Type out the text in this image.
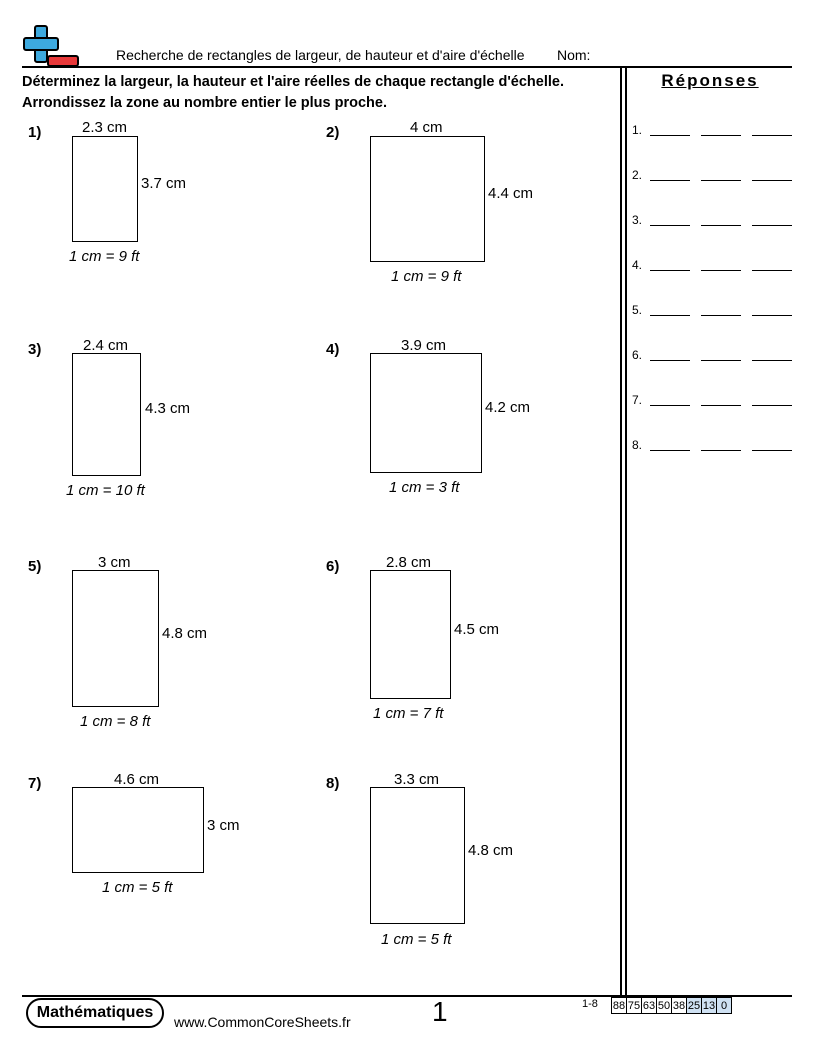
Recherche de rectangles de largeur, de hauteur et d'aire d'échelle Nom:
Déterminez la largeur, la hauteur et l'aire réelles de chaque rectangle d'échelle.
Arrondissez la zone au nombre entier le plus proche.
Réponses
1.
2.
3.
4.
5.
6.
7.
8.
1)	2.3 cm
3.7 cm
1 cm = 9 ft
2)	4 cm
4.4 cm
1 cm = 9 ft
3)	2.4 cm
4.3 cm
1 cm = 10 ft
4)	3.9 cm
4.2 cm
1 cm = 3 ft
5)	3 cm
4.8 cm
1 cm = 8 ft
6)	2.8 cm
4.5 cm
1 cm = 7 ft
7)	4.6 cm
3 cm
1 cm = 5 ft
8)	3.3 cm
4.8 cm
1 cm = 5 ft
Mathématiques
www.CommonCoreSheets.fr	1	1-8 88	75	63	50	38	25	13	0
